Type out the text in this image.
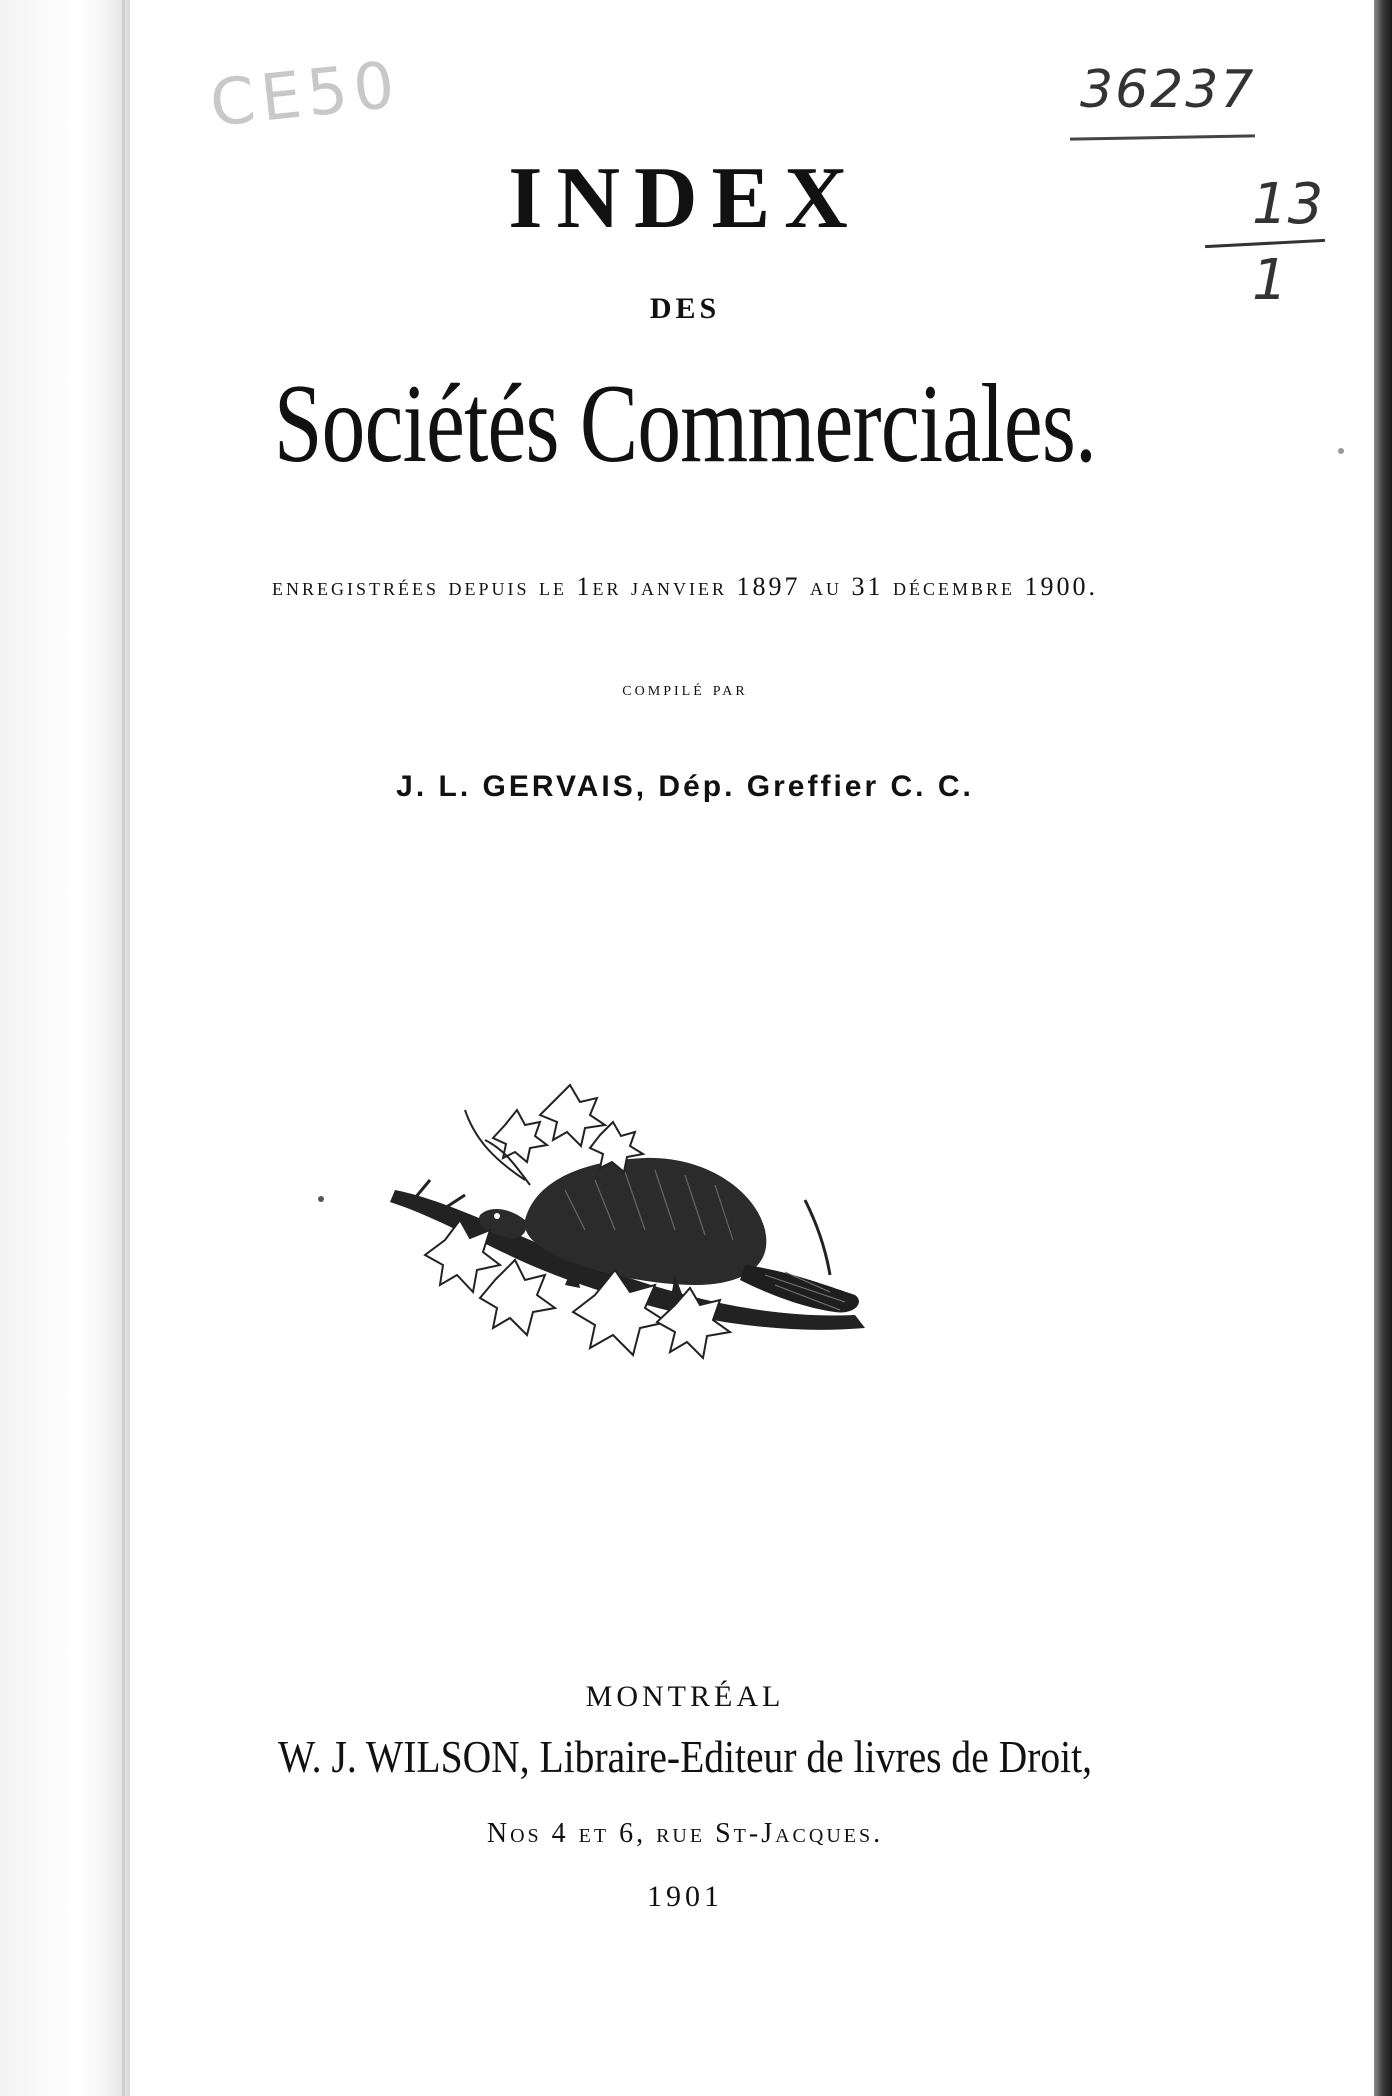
CE50	36237
13
1
INDEX
DES
Sociétés Commerciales.
enregistrées depuis le 1er janvier 1897 au 31 décembre 1900.
compilé par
J. L. GERVAIS, Dép. Greffier C. C.
MONTRÉAL
W. J. WILSON, Libraire-Editeur de livres de Droit,
Nos 4 et 6, rue St-Jacques.
1901
